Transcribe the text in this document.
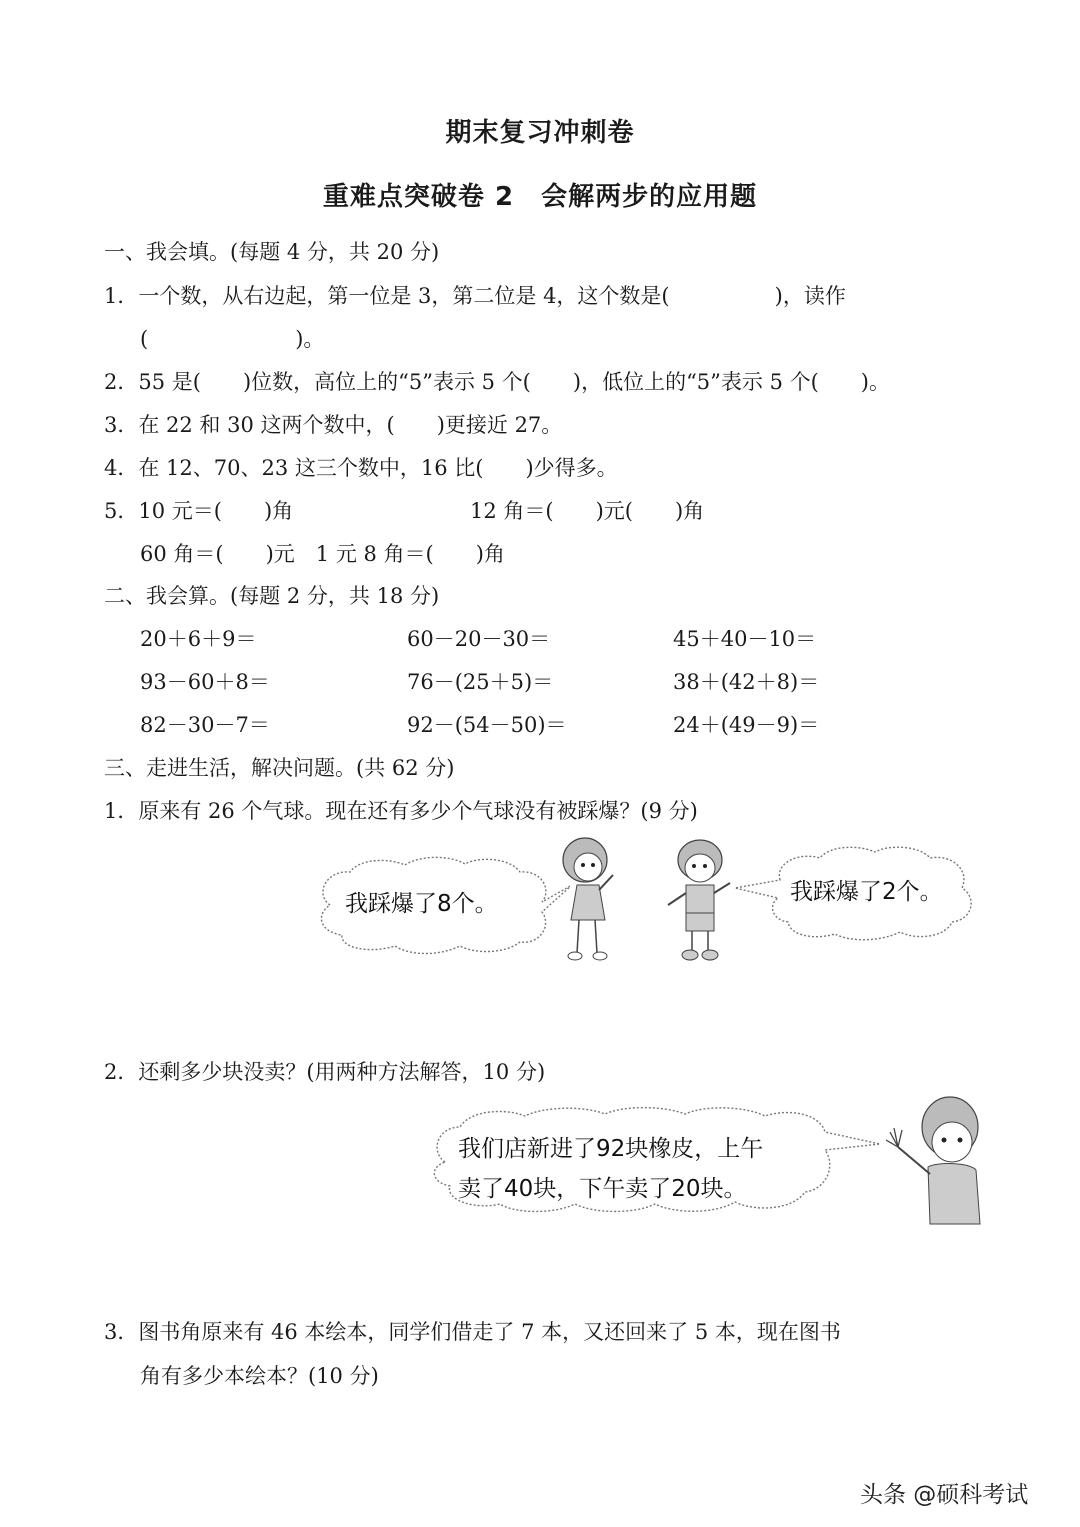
期末复习冲刺卷
重难点突破卷 2　会解两步的应用题
一、我会填。(每题 4 分，共 20 分)
1．一个数，从右边起，第一位是 3，第二位是 4，这个数是(　　　　　)，读作
(　　　　　　　)。
2．55 是(　　)位数，高位上的“5”表示 5 个(　　)，低位上的“5”表示 5 个(　　)。
3．在 22 和 30 这两个数中，(　　)更接近 27。
4．在 12、70、23 这三个数中，16 比(　　)少得多。
5．10 元＝(　　)角	12 角＝(　　)元(　　)角
60 角＝(　　)元　1 元 8 角＝(　　)角
二、我会算。(每题 2 分，共 18 分)
20＋6＋9＝	60－20－30＝	45＋40－10＝
93－60＋8＝	76－(25＋5)＝	38＋(42＋8)＝
82－30－7＝	92－(54－50)＝	24＋(49－9)＝
三、走进生活，解决问题。(共 62 分)
1．原来有 26 个气球。现在还有多少个气球没有被踩爆？(9 分)
我踩爆了8个。	我踩爆了2个。
2．还剩多少块没卖？(用两种方法解答，10 分)
我们店新进了92块橡皮，上午
卖了40块，下午卖了20块。
3．图书角原来有 46 本绘本，同学们借走了 7 本，又还回来了 5 本，现在图书
角有多少本绘本？(10 分)
头条 @硕科考试
